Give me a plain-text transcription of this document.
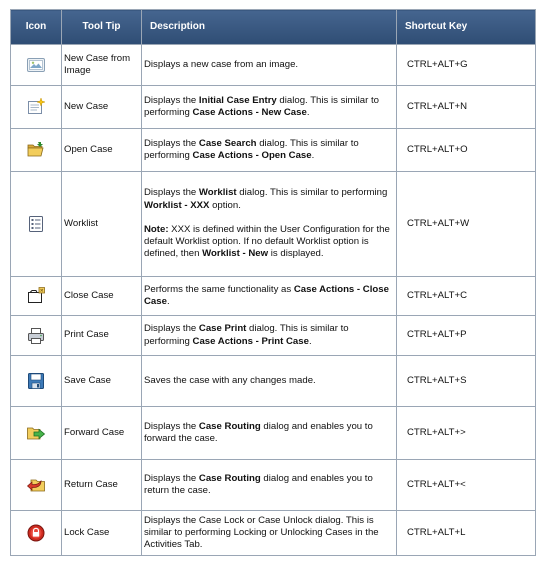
Icon	Tool Tip	Description	Shortcut Key

	New Case from Image	Displays a new case from an image.	CTRL+ALT+G

	New Case	Displays the Initial Case Entry dialog. This is similar to performing Case Actions - New Case.	CTRL+ALT+N

	Open Case	Displays the Case Search dialog. This is similar to performing Case Actions - Open Case.	CTRL+ALT+O

	Worklist	Displays the Worklist dialog. This is similar to performing Worklist - XXX option.
Note: XXX is defined within the User Configuration for the default Worklist option. If no default Worklist option is defined, then Worklist - New is displayed.	CTRL+ALT+W

	Close Case	Performs the same functionality as Case Actions - Close Case.	CTRL+ALT+C

	Print Case	Displays the Case Print dialog. This is similar to performing Case Actions - Print Case.	CTRL+ALT+P

	Save Case	Saves the case with any changes made.	CTRL+ALT+S

	Forward Case	Displays the Case Routing dialog and enables you to forward the case.	CTRL+ALT+>

	Return Case	Displays the Case Routing dialog and enables you to return the case.	CTRL+ALT+<

	Lock Case	Displays the Case Lock or Case Unlock dialog. This is similar to performing Locking or Unlocking Cases in the Activities Tab.	CTRL+ALT+L
